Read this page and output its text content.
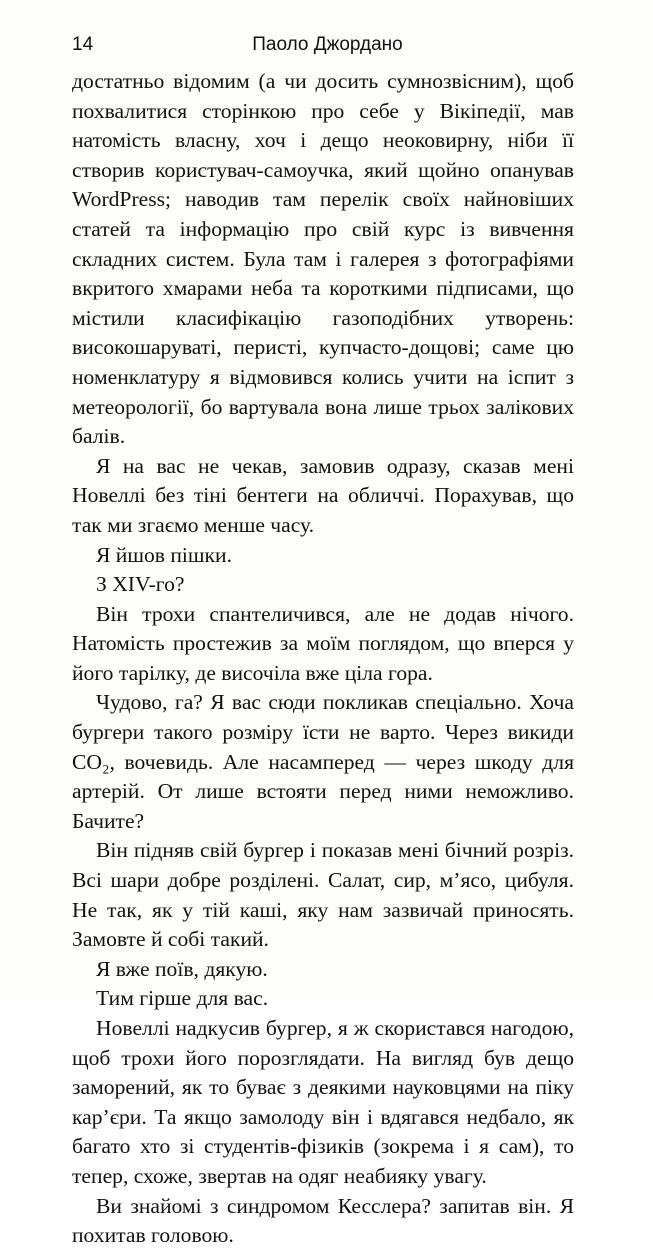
14	Паоло Джордано

достатньо відомим (а чи досить сумнозвісним), щоб похвалитися сторінкою про себе у Вікіпедії, мав натомість власну, хоч і дещо неоковирну, ніби її створив користувач-самоучка, який щойно опанував WordPress; наводив там перелік своїх найновіших статей та інформацію про свій курс із вивчення складних систем. Була там і галерея з фотографіями вкритого хмарами неба та короткими підписами, що містили класифікацію газоподібних утворень: високошаруваті, перисті, купчасто-дощові; саме цю номенклатуру я відмовився колись учити на іспит з метеорології, бо вартувала вона лише трьох залікових балів.

Я на вас не чекав, замовив одразу, сказав мені Новеллі без тіні бентеги на обличчі. Порахував, що так ми згаємо менше часу.

Я йшов пішки.

З XIV-го?

Він трохи спантеличився, але не додав нічого. Натомість простежив за моїм поглядом, що вперся у його тарілку, де височіла вже ціла гора.

Чудово, га? Я вас сюди покликав спеціально. Хоча бургери такого розміру їсти не варто. Через викиди CO₂, вочевидь. Але насамперед — через шкоду для артерій. От лише встояти перед ними неможливо. Бачите?

Він підняв свій бургер і показав мені бічний розріз. Всі шари добре розділені. Салат, сир, м’ясо, цибуля. Не так, як у тій каші, яку нам зазвичай приносять. Замовте й собі такий.

Я вже поїв, дякую.

Тим гірше для вас.

Новеллі надкусив бургер, я ж скористався нагодою, щоб трохи його порозглядати. На вигляд був дещо заморений, як то буває з деякими науковцями на піку кар’єри. Та якщо замолоду він і вдягався недбало, як багато хто зі студентів-фізиків (зокрема і я сам), то тепер, схоже, звертав на одяг неабияку увагу.

Ви знайомі з синдромом Кесслера? запитав він. Я похитав головою.
